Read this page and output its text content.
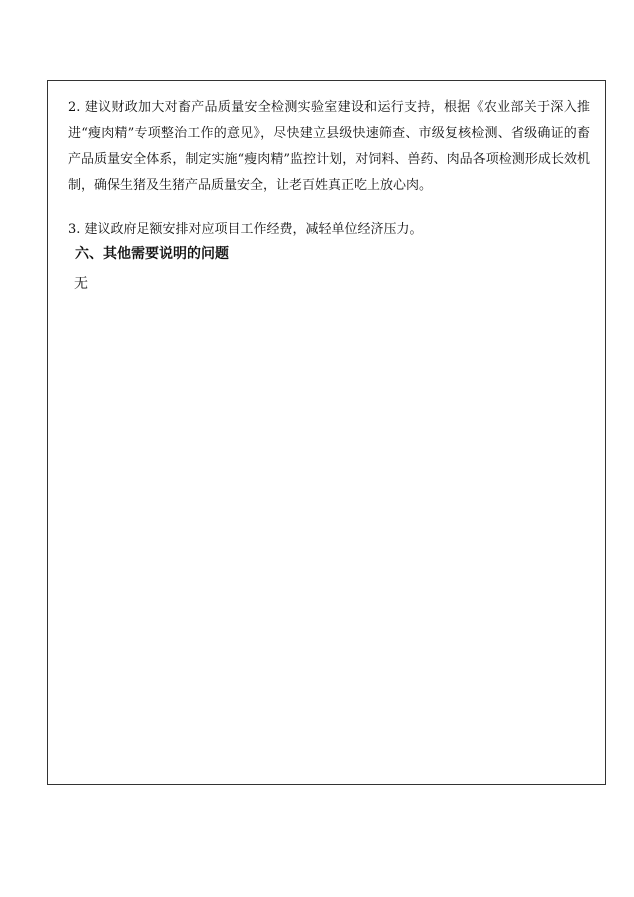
2. 建议财政加大对畜产品质量安全检测实验室建设和运行支持，根据《农业部关于深入推进“瘦肉精”专项整治工作的意见》，尽快建立县级快速筛查、市级复核检测、省级确证的畜产品质量安全体系，制定实施“瘦肉精”监控计划，对饲料、兽药、肉品各项检测形成长效机制，确保生猪及生猪产品质量安全，让老百姓真正吃上放心肉。

3. 建议政府足额安排对应项目工作经费，减轻单位经济压力。

六、其他需要说明的问题

无
